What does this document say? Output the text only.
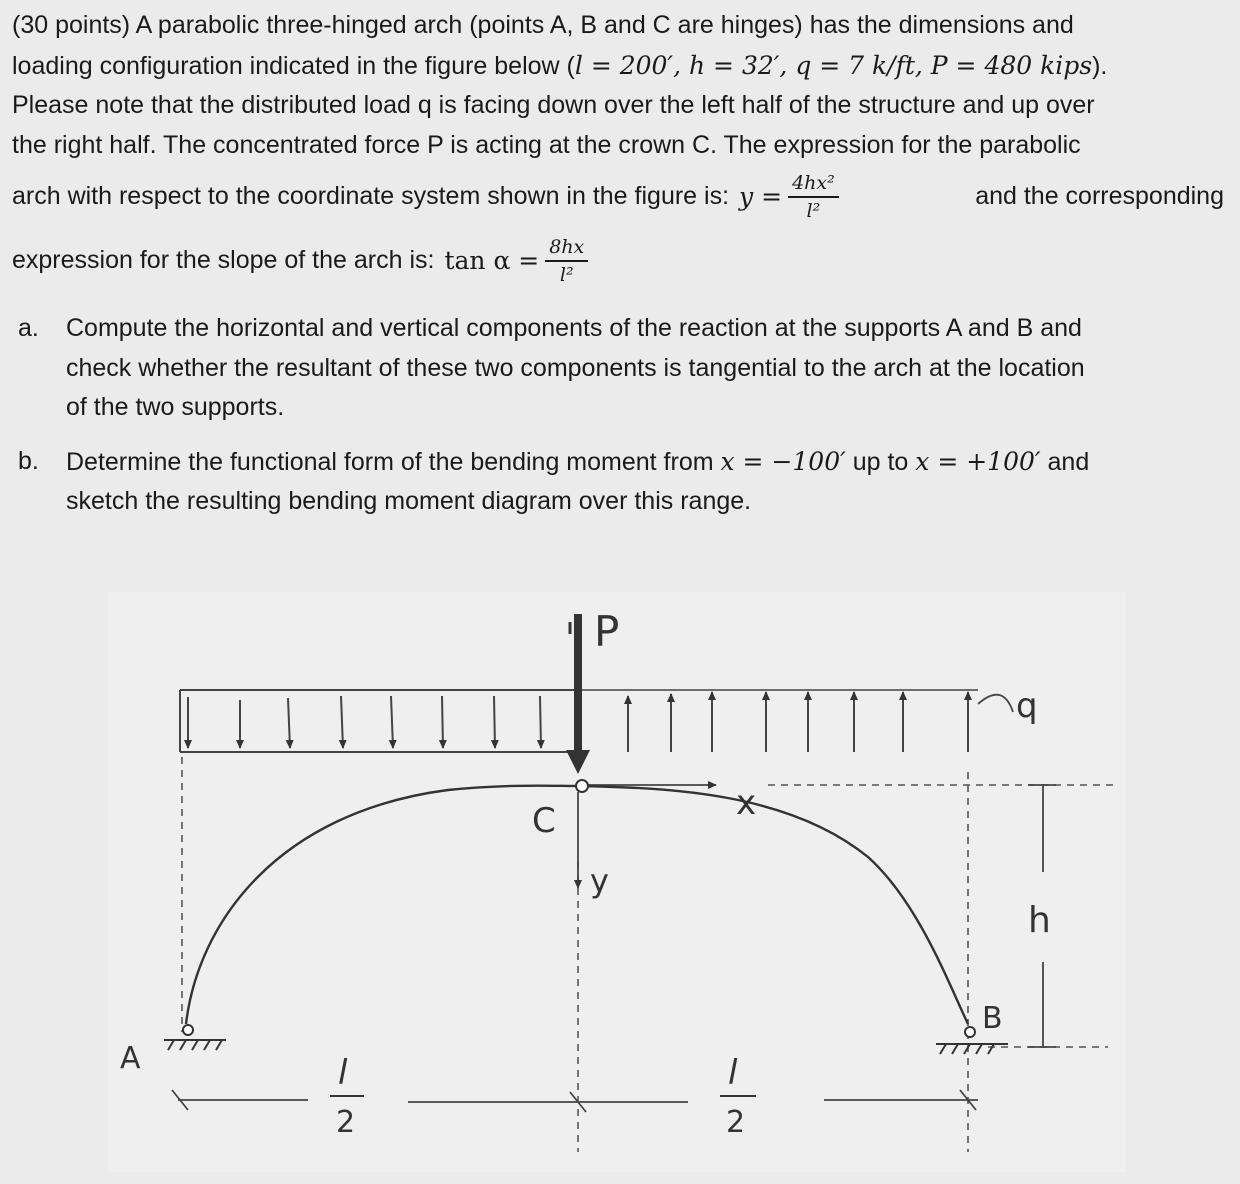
(30 points) A parabolic three-hinged arch (points A, B and C are hinges) has the dimensions and
loading configuration indicated in the figure below ( l = 200′, h = 32′, q = 7 k/ft, P = 480 kips ).
Please note that the distributed load q is facing down over the left half of the structure and up over
the right half. The concentrated force P is acting at the crown C. The expression for the parabolic
arch with respect to the coordinate system shown in the figure is: $y = \frac{\text{4hx²}}{\text{l²}}$	and the corresponding
expression for the slope of the arch is: $\tan \alpha = \frac{8hx}{\text{l²}}$
a.	Compute the horizontal and vertical components of the reaction at the supports A and B and
check whether the resultant of these two components is tangential to the arch at the location
of the two supports.
b.	Determine the functional form of the bending moment from
x = −100′
up to
x = +100′
and
sketch the resulting bending moment diagram over this range.
q
P
x
y
C
A
B
h
l
2
l
2
